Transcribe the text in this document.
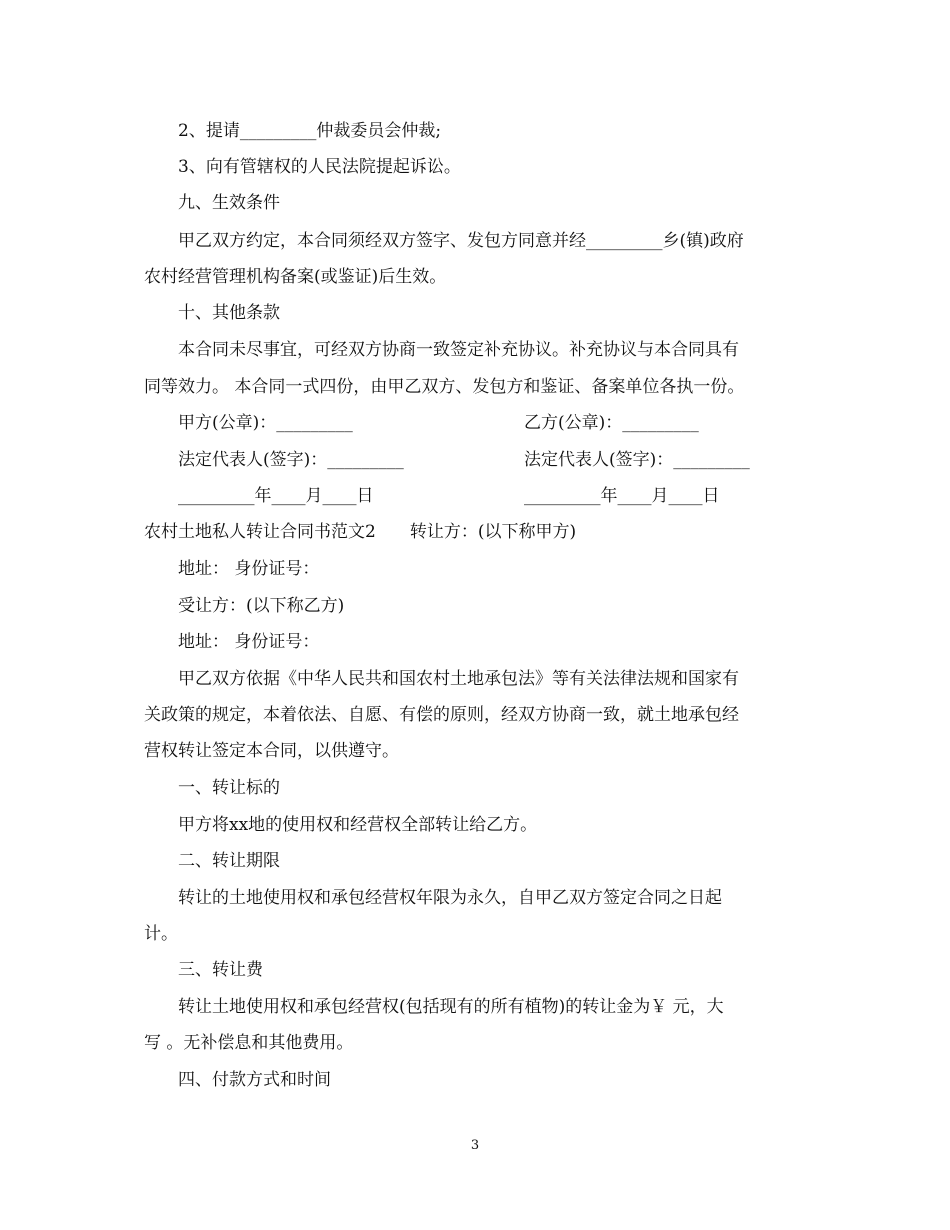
2、提请_________仲裁委员会仲裁;
3、向有管辖权的人民法院提起诉讼。
九、生效条件
甲乙双方约定，本合同须经双方签字、发包方同意并经_________乡(镇)政府
农村经营管理机构备案(或鉴证)后生效。
十、其他条款
本合同未尽事宜，可经双方协商一致签定补充协议。补充协议与本合同具有
同等效力。 本合同一式四份，由甲乙双方、发包方和鉴证、备案单位各执一份。
甲方(公章)：_________	乙方(公章)：_________
法定代表人(签字)：_________	法定代表人(签字)：_________
_________年____月____日	_________年____月____日
农村土地私人转让合同书范文2　　转让方：(以下称甲方)
地址： 身份证号：
受让方：(以下称乙方)
地址： 身份证号：
甲乙双方依据《中华人民共和国农村土地承包法》等有关法律法规和国家有
关政策的规定，本着依法、自愿、有偿的原则，经双方协商一致，就土地承包经
营权转让签定本合同，以供遵守。
一、转让标的
甲方将xx地的使用权和经营权全部转让给乙方。
二、转让期限
转让的土地使用权和承包经营权年限为永久，自甲乙双方签定合同之日起
计。
三、转让费
转让土地使用权和承包经营权(包括现有的所有植物)的转让金为￥ 元，大
写 。无补偿息和其他费用。
四、付款方式和时间
3
